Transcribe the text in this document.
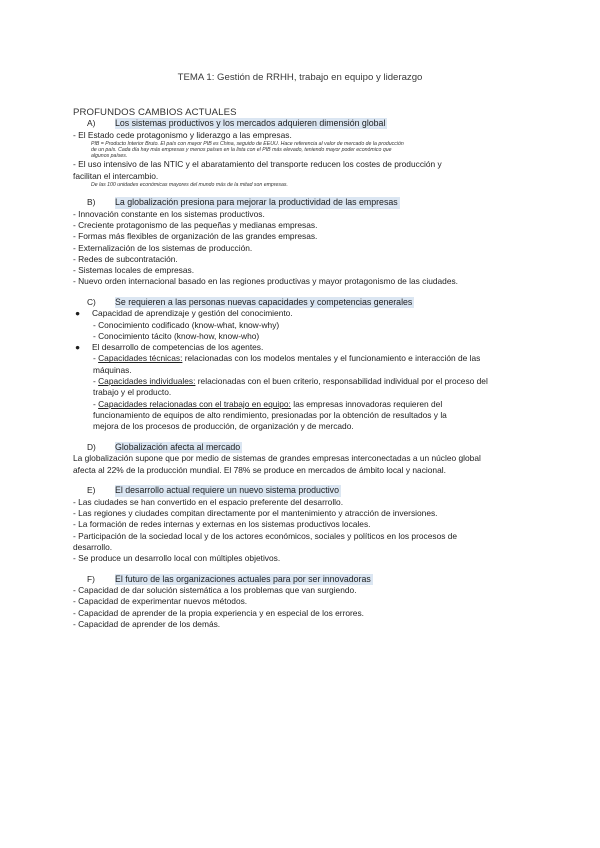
TEMA 1: Gestión de RRHH, trabajo en equipo y liderazgo
PROFUNDOS CAMBIOS ACTUALES
A)	Los sistemas productivos y los mercados adquieren dimensión global
- El Estado cede protagonismo y liderazgo a las empresas.
PIB = Producto Interior Bruto. El país con mayor PIB es China, seguido de EEUU. Hace referencia al valor de mercado de la producción
de un país. Cada día hay más empresas y menos países en la lista con el PIB más elevado, teniendo mayor poder económico que
algunos países.
- El uso intensivo de las NTIC y el abaratamiento del transporte reducen los costes de producción y
facilitan el intercambio.
De las 100 unidades económicas mayores del mundo más de la mitad son empresas.
B)	La globalización presiona para mejorar la productividad de las empresas
- Innovación constante en los sistemas productivos.
- Creciente protagonismo de las pequeñas y medianas empresas.
- Formas más flexibles de organización de las grandes empresas.
- Externalización de los sistemas de producción.
- Redes de subcontratación.
- Sistemas locales de empresas.
- Nuevo orden internacional basado en las regiones productivas y mayor protagonismo de las ciudades.
C)	Se requieren a las personas nuevas capacidades y competencias generales
●	Capacidad de aprendizaje y gestión del conocimiento.
- Conocimiento codificado (know-what, know-why)
- Conocimiento tácito (know-how, know-who)
●	El desarrollo de competencias de los agentes.
- Capacidades técnicas: relacionadas con los modelos mentales y el funcionamiento e interacción de las
máquinas.
- Capacidades individuales: relacionadas con el buen criterio, responsabilidad individual por el proceso del
trabajo y el producto.
- Capacidades relacionadas con el trabajo en equipo: las empresas innovadoras requieren del
funcionamiento de equipos de alto rendimiento, presionadas por la obtención de resultados y la
mejora de los procesos de producción, de organización y de mercado.
D)	Globalización afecta al mercado
La globalización supone que por medio de sistemas de grandes empresas interconectadas a un núcleo global
afecta al 22% de la producción mundial. El 78% se produce en mercados de ámbito local y nacional.
E)	El desarrollo actual requiere un nuevo sistema productivo
- Las ciudades se han convertido en el espacio preferente del desarrollo.
- Las regiones y ciudades compitan directamente por el mantenimiento y atracción de inversiones.
- La formación de redes internas y externas en los sistemas productivos locales.
- Participación de la sociedad local y de los actores económicos, sociales y políticos en los procesos de
desarrollo.
- Se produce un desarrollo local con múltiples objetivos.
F)	El futuro de las organizaciones actuales para por ser innovadoras
- Capacidad de dar solución sistemática a los problemas que van surgiendo.
- Capacidad de experimentar nuevos métodos.
- Capacidad de aprender de la propia experiencia y en especial de los errores.
- Capacidad de aprender de los demás.
